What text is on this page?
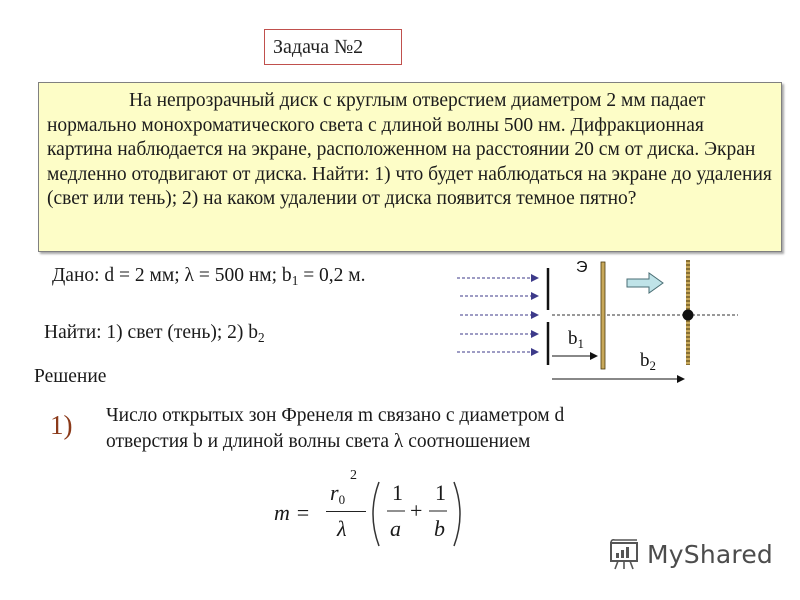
Задача №2

На непрозрачный диск с круглым отверстием диаметром 2 мм падает нормально монохроматического света с длиной волны 500 нм. Дифракционная картина наблюдается на экране, расположенном на расстоянии 20 см от диска. Экран медленно отодвигают от диска. Найти: 1) что будет наблюдаться на экране до удаления (свет или тень); 2) на каком удалении от диска появится темное пятно?

Дано: d = 2 мм; λ = 500 нм; $b_1 = 0,2$ м.
Найти: 1) свет (тень); 2) $b_2$
Решение
1) Число открытых зон Френеля m связано с диаметром d
отверстия b и длиной волны света λ соотношением
m =
$r_0$
2
λ
1
a
+
1
b
Э
$b_1$
$b_2$
MyShared
